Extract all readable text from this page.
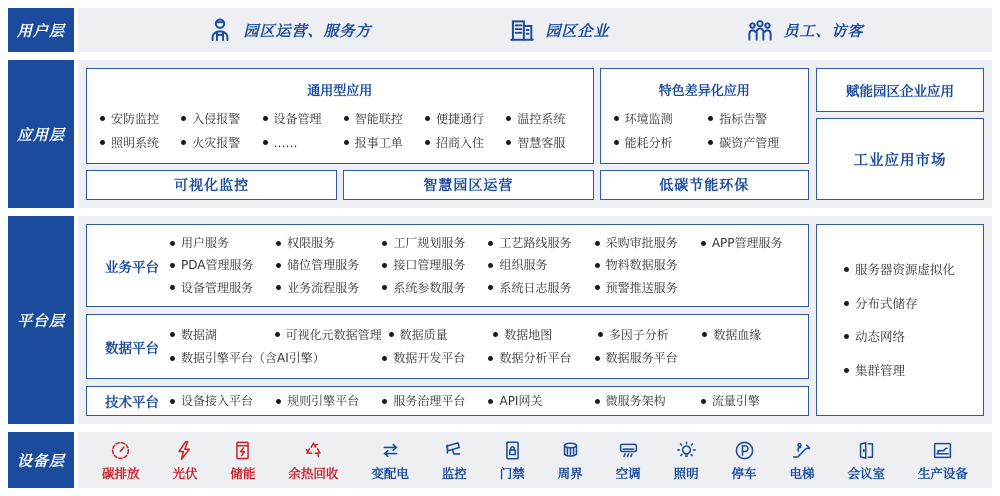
用户层	园区运营、服务方	园区企业	员工、访客
应用层
通用型应用
安防监控	入侵报警	设备管理	智能联控	便捷通行	温控系统
照明系统	火灾报警	……	报事工单	招商入住	智慧客服
特色差异化应用
环境监测	指标告警
能耗分析	碳资产管理
可视化监控	智慧园区运营	低碳节能环保
赋能园区企业应用
工业应用市场
平台层
业务平台
用户服务	权限服务	工厂规划服务	工艺路线服务	采购审批服务	APP管理服务
PDA管理服务	储位管理服务	接口管理服务	组织服务	物料数据服务
设备管理服务	业务流程服务	系统参数服务	系统日志服务	预警推送服务
数据平台
数据湖	可视化元数据管理	数据质量	数据地图	多因子分析	数据血缘
数据引擎平台（含AI引擎）	数据开发平台	数据分析平台	数据服务平台
技术平台	设备接入平台	规则引擎平台	服务治理平台	API网关	微服务架构	流量引擎
服务器资源虚拟化
分布式储存
动态网络
集群管理
设备层
碳排放	光伏	储能	余热回收	变配电	监控	门禁	周界	空调	照明	停车	电梯	会议室	生产设备
